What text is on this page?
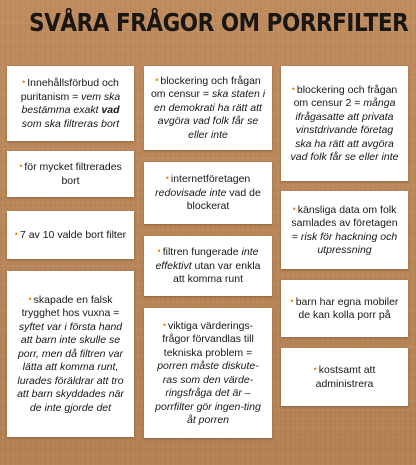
SVÅRA FRÅGOR OM PORRFILTER
• Innehållsförbud och puritanism = vem ska bestämma exakt vad som ska filtreras bort
• för mycket filtrerades bort
• 7 av 10 valde bort filter
• skapade en falsk trygghet hos vuxna = syftet var i första hand att barn inte skulle se porr, men då filtren var lätta att komma runt, lurades föräldrar att tro att barn skyddades när de inte gjorde det
• blockering och frågan om censur = ska staten i en demokrati ha rätt att avgöra vad folk får se eller inte
• internetföretagen redovisade inte vad de blockerat
• filtren fungerade inte effektivt utan var enkla att komma runt
• viktiga värderings-frågor förvandlas till tekniska problem = porren måste diskute-ras som den värde-ringsfråga det är – porrfilter gör ingen-ting åt porren
• blockering och frågan om censur 2 = många ifrågasatte att privata vinstdrivande företag ska ha rätt att avgöra vad folk får se eller inte
• känsliga data om folk samlades av företagen = risk för hackning och utpressning
• barn har egna mobiler de kan kolla porr på
• kostsamt att administrera
